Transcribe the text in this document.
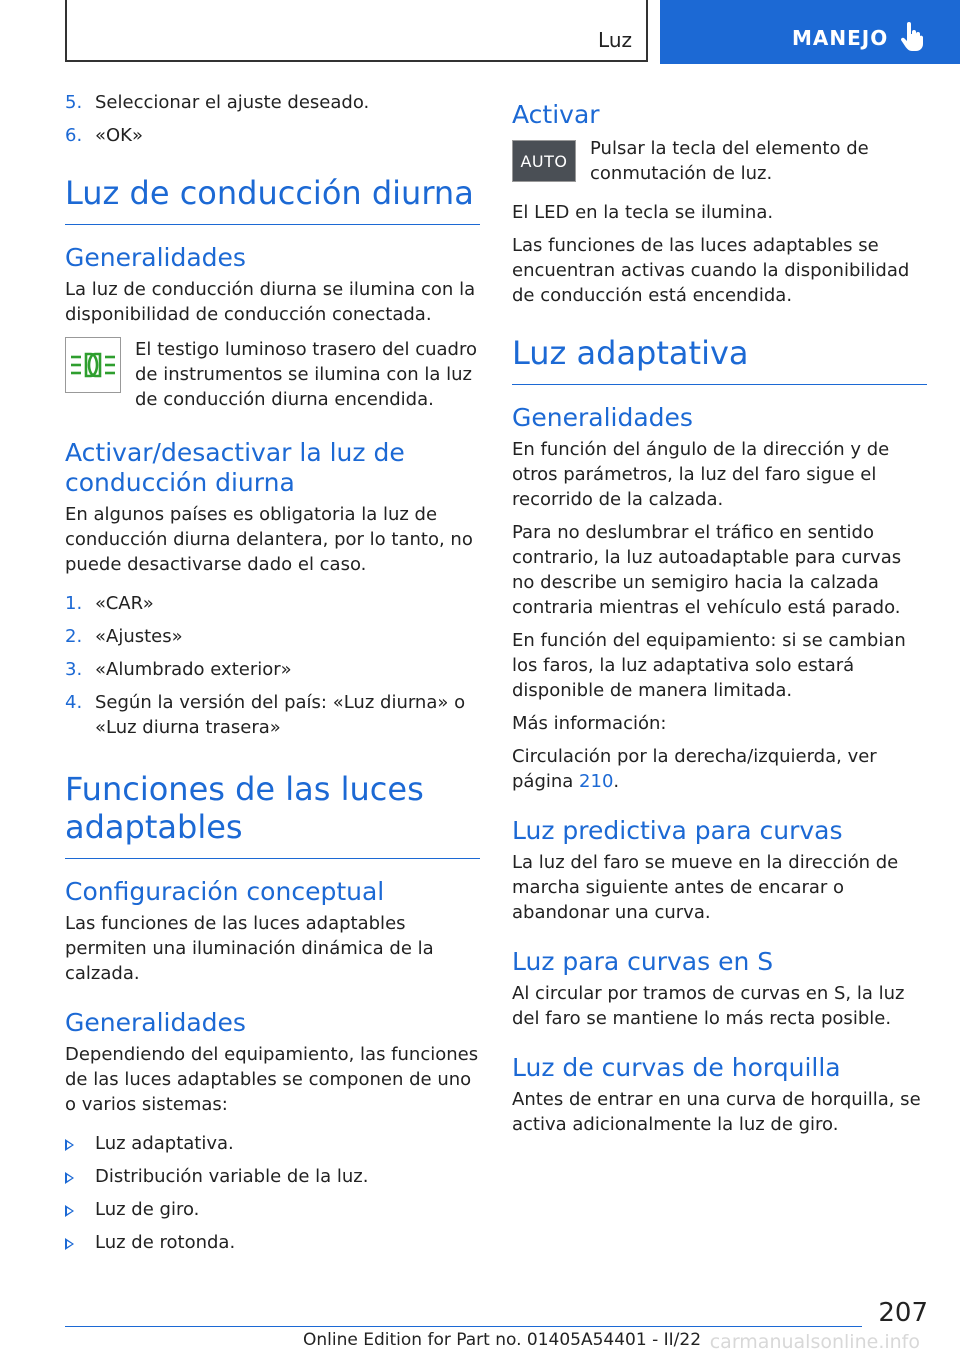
Luz	MANEJO
5. Seleccionar el ajuste deseado.
6. «OK»
Luz de conducción diurna
Generalidades

La luz de conducción diurna se ilumina con la disponibilidad de conducción conectada.

El testigo luminoso trasero del cuadro de instrumentos se ilumina con la luz de conducción diurna encendida.

Activar/desactivar la luz de conducción diurna

En algunos países es obligatoria la luz de conducción diurna delantera, por lo tanto, no puede desactivarse dado el caso.

1. «CAR»
2. «Ajustes»
3. «Alumbrado exterior»
4. Según la versión del país: «Luz diurna» o «Luz diurna trasera»
Funciones de las luces adaptables
Configuración conceptual

Las funciones de las luces adaptables permiten una iluminación dinámica de la calzada.

Generalidades

Dependiendo del equipamiento, las funciones de las luces adaptables se componen de uno o varios sistemas:

Luz adaptativa.
Distribución variable de la luz.
Luz de giro.
Luz de rotonda.
Activar
AUTO

Pulsar la tecla del elemento de conmutación de luz.

El LED en la tecla se ilumina.

Las funciones de las luces adaptables se encuentran activas cuando la disponibilidad de conducción está encendida.

Luz adaptativa
Generalidades

En función del ángulo de la dirección y de otros parámetros, la luz del faro sigue el recorrido de la calzada.

Para no deslumbrar el tráfico en sentido contrario, la luz autoadaptable para curvas no describe un semigiro hacia la calzada contraria mientras el vehículo está parado.

En función del equipamiento: si se cambian los faros, la luz adaptativa solo estará disponible de manera limitada.

Más información:

Circulación por la derecha/izquierda, ver página 210.

Luz predictiva para curvas

La luz del faro se mueve en la dirección de marcha siguiente antes de encarar o abandonar una curva.

Luz para curvas en S

Al circular por tramos de curvas en S, la luz del faro se mantiene lo más recta posible.

Luz de curvas de horquilla

Antes de entrar en una curva de horquilla, se activa adicionalmente la luz de giro.

207
Online Edition for Part no. 01405A54401 - II/22 carmanualsonline.info
